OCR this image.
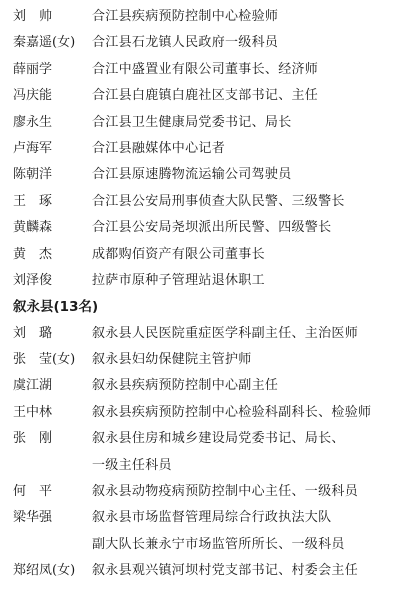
刘　帅	合江县疾病预防控制中心检验师
秦嘉遥(女)	合江县石龙镇人民政府一级科员
薛丽学	合江中盛置业有限公司董事长、经济师
冯庆能	合江县白鹿镇白鹿社区支部书记、主任
廖永生	合江县卫生健康局党委书记、局长
卢海军	合江县融媒体中心记者
陈朝洋	合江县原速腾物流运输公司驾驶员
王　琢	合江县公安局刑事侦查大队民警、三级警长
黄麟森	合江县公安局尧坝派出所民警、四级警长
黄　杰	成都购佰资产有限公司董事长
刘泽俊	拉萨市原种子管理站退休职工
叙永县(13名)
刘　璐	叙永县人民医院重症医学科副主任、主治医师
张　莹(女)	叙永县妇幼保健院主管护师
虞江湖	叙永县疾病预防控制中心副主任
王中林	叙永县疾病预防控制中心检验科副科长、检验师
张　刚	叙永县住房和城乡建设局党委书记、局长、
一级主任科员
何　平	叙永县动物疫病预防控制中心主任、一级科员
梁华强	叙永县市场监督管理局综合行政执法大队
副大队长兼永宁市场监管所所长、一级科员
郑绍凤(女)	叙永县观兴镇河坝村党支部书记、村委会主任
